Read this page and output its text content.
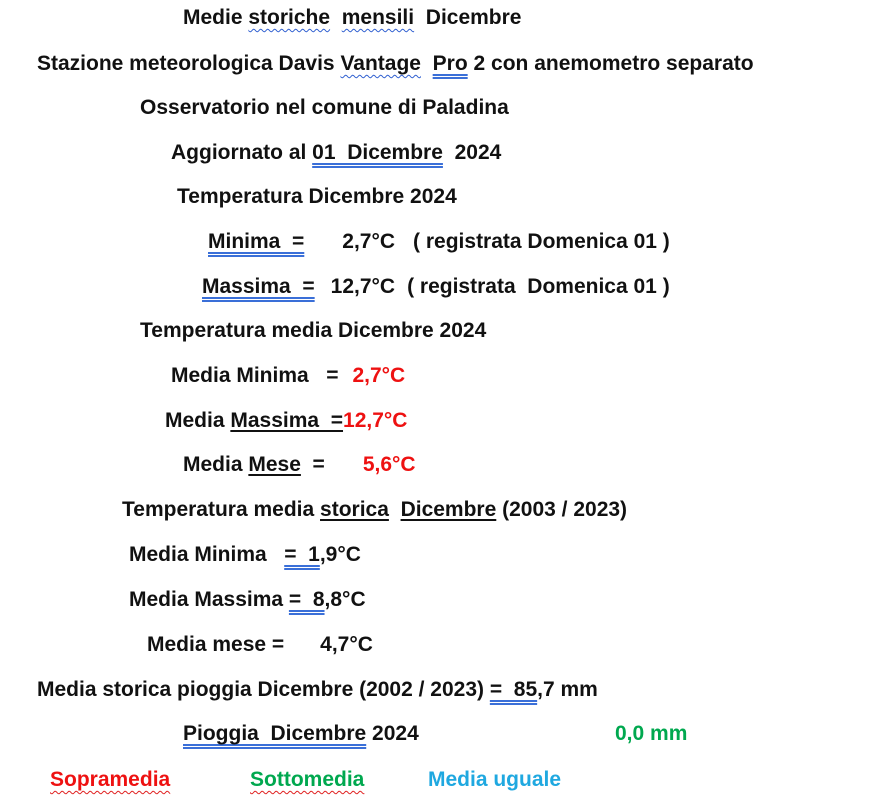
Medie storiche mensili  Dicembre
Stazione meteorologica Davis Vantage Pro 2 con anemometro separato
Osservatorio nel comune di Paladina
Aggiornato al 01  Dicembre  2024
Temperatura Dicembre 2024
Minima  = 2,7°C ( registrata Domenica 01 )
Massima  = 12,7°C ( registrata  Domenica 01 )
Temperatura media Dicembre 2024
Media Minima   = 2,7°C
Media Massima  =12,7°C
Media Mese  = 5,6°C
Temperatura media storica Dicembre (2003 / 2023)
Media Minima   =  1,9°C
Media Massima =  8,8°C
Media mese = 4,7°C
Media storica pioggia Dicembre (2002 / 2023) =  85,7 mm
Pioggia  Dicembre 2024	0,0 mm
Sopramedia	Sottomedia	Media uguale
